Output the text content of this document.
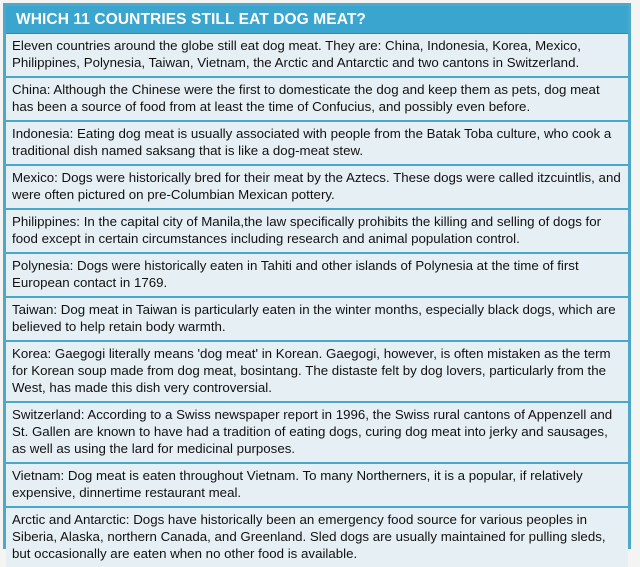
WHICH 11 COUNTRIES STILL EAT DOG MEAT?
Eleven countries around the globe still eat dog meat. They are: China, Indonesia, Korea, Mexico, Philippines, Polynesia, Taiwan, Vietnam, the Arctic and Antarctic and two cantons in Switzerland.
China: Although the Chinese were the first to domesticate the dog and keep them as pets, dog meat has been a source of food from at least the time of Confucius, and possibly even before.
Indonesia: Eating dog meat is usually associated with people from the Batak Toba culture, who cook a traditional dish named saksang that is like a dog-meat stew.
Mexico: Dogs were historically bred for their meat by the Aztecs. These dogs were called itzcuintlis, and were often pictured on pre-Columbian Mexican pottery.
Philippines: In the capital city of Manila,the law specifically prohibits the killing and selling of dogs for food except in certain circumstances including research and animal population control.
Polynesia: Dogs were historically eaten in Tahiti and other islands of Polynesia at the time of first European contact in 1769.
Taiwan: Dog meat in Taiwan is particularly eaten in the winter months, especially black dogs, which are believed to help retain body warmth.
Korea: Gaegogi literally means 'dog meat' in Korean. Gaegogi, however, is often mistaken as the term for Korean soup made from dog meat, bosintang. The distaste felt by dog lovers, particularly from the West, has made this dish very controversial.
Switzerland: According to a Swiss newspaper report in 1996, the Swiss rural cantons of Appenzell and St. Gallen are known to have had a tradition of eating dogs, curing dog meat into jerky and sausages, as well as using the lard for medicinal purposes.
Vietnam: Dog meat is eaten throughout Vietnam. To many Northerners, it is a popular, if relatively expensive, dinnertime restaurant meal.
Arctic and Antarctic: Dogs have historically been an emergency food source for various peoples in Siberia, Alaska, northern Canada, and Greenland. Sled dogs are usually maintained for pulling sleds, but occasionally are eaten when no other food is available.
